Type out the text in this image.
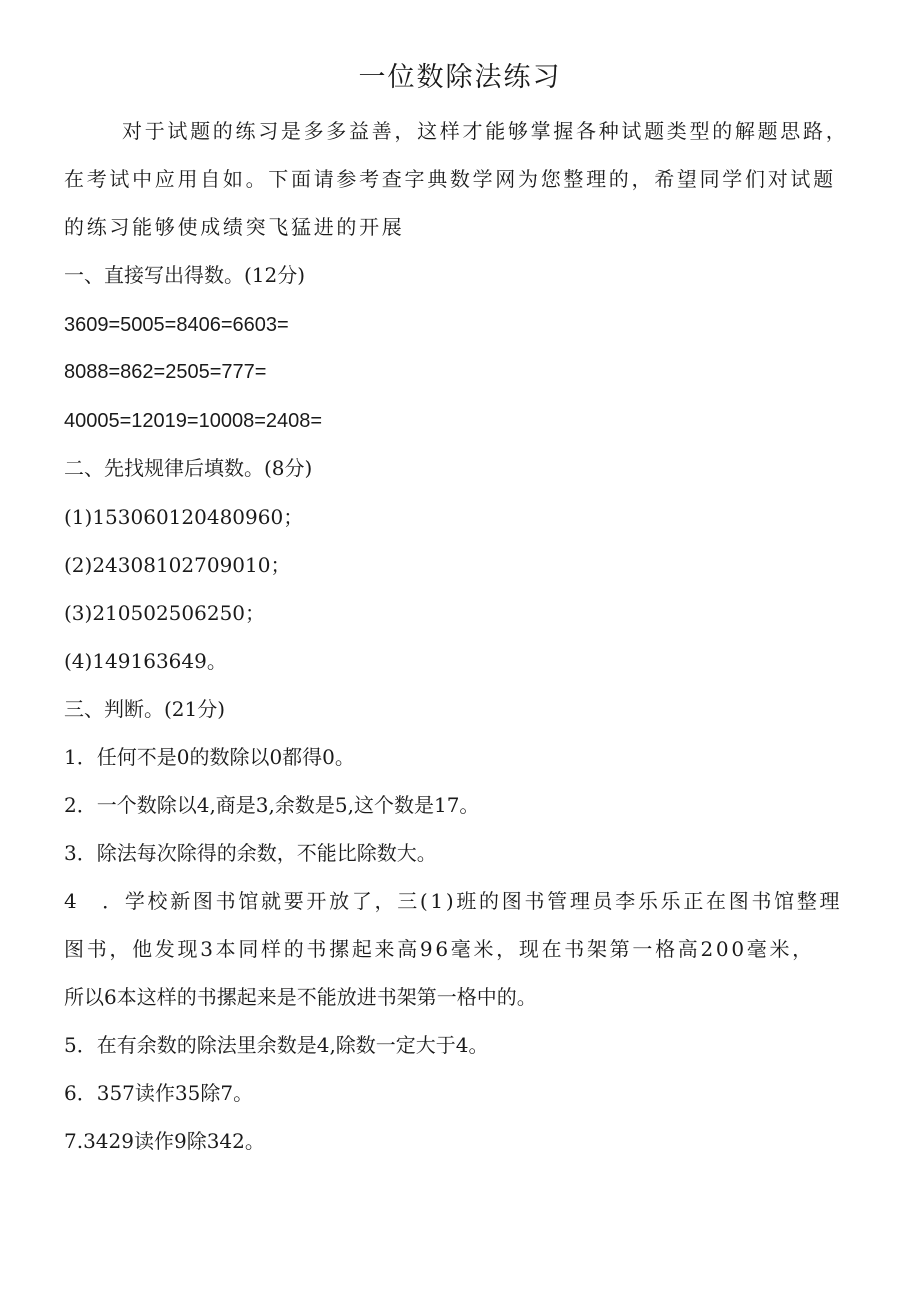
一位数除法练习

对于试题的练习是多多益善，这样才能够掌握各种试题类型的解题思路，

在考试中应用自如。下面请参考查字典数学网为您整理的，希望同学们对试题

的练习能够使成绩突飞猛进的开展

一、直接写出得数。(12分)

3609=5005=8406=6603=

8088=862=2505=777=

40005=12019=10008=2408=

二、先找规律后填数。(8分)

(1)153060120480960；

(2)24308102709010；

(3)210502506250；

(4)149163649。

三、判断。(21分)

1．任何不是0的数除以0都得0。

2．一个数除以4,商是3,余数是5,这个数是17。

3．除法每次除得的余数，不能比除数大。

4　．学校新图书馆就要开放了，三(1)班的图书管理员李乐乐正在图书馆整理

图书，他发现3本同样的书摞起来高96毫米，现在书架第一格高200毫米，

所以6本这样的书摞起来是不能放进书架第一格中的。

5．在有余数的除法里余数是4,除数一定大于4。

6．357读作35除7。

7.3429读作9除342。
